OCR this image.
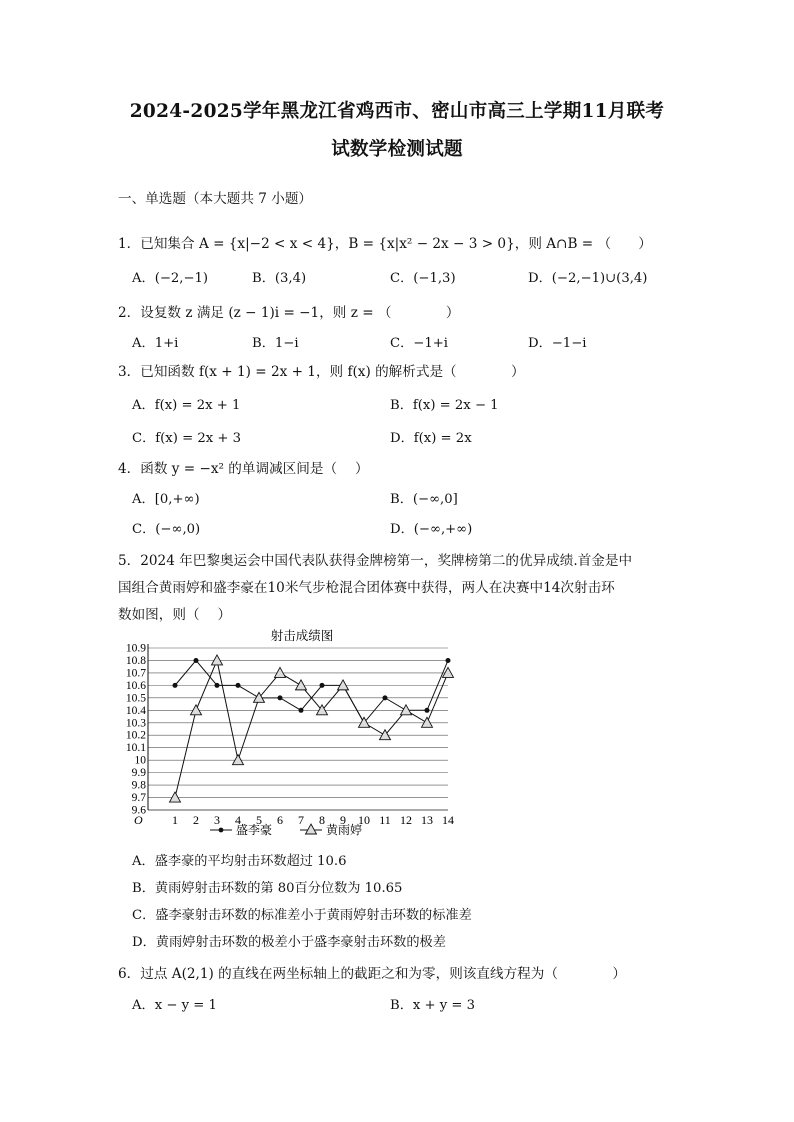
2024-2025学年黑龙江省鸡西市、密山市高三上学期11月联考
试数学检测试题
一、单选题（本大题共 7 小题）
1．已知集合 A = {x|−2 < x < 4}，B = {x|x² − 2x − 3 > 0}，则 A∩B = （　　）
A．(−2,−1)	B．(3,4)	C．(−1,3)	D．(−2,−1)∪(3,4)
2．设复数 z 满足 (z − 1)i = −1，则 z = （　　　　）
A．1+i	B．1−i	C．−1+i	D．−1−i
3．已知函数 f(x + 1) = 2x + 1，则 f(x) 的解析式是（　　　　）
A．f(x) = 2x + 1	B．f(x) = 2x − 1
C．f(x) = 2x + 3	D．f(x) = 2x
4．函数 y = −x² 的单调减区间是（　 ）
A．[0,+∞)	B．(−∞,0]
C．(−∞,0)	D．(−∞,+∞)
5．2024 年巴黎奥运会中国代表队获得金牌榜第一，奖牌榜第二的优异成绩.首金是中
国组合黄雨婷和盛李豪在10米气步枪混合团体赛中获得，两人在决赛中14次射击环
数如图，则（　 ）
射击成绩图
9.6
9.7
9.8
9.9
10
10.1
10.2
10.3
10.4
10.5
10.6
10.7
10.8
10.9
O 1 2 3 4 5 6 7 8 9 10 11 12 13 14
盛李豪	黄雨婷
A．盛李豪的平均射击环数超过 10.6
B．黄雨婷射击环数的第 80百分位数为 10.65
C．盛李豪射击环数的标准差小于黄雨婷射击环数的标准差
D．黄雨婷射击环数的极差小于盛李豪射击环数的极差
6．过点 A(2,1) 的直线在两坐标轴上的截距之和为零，则该直线方程为（　　　　）
A．x − y = 1	B．x + y = 3
